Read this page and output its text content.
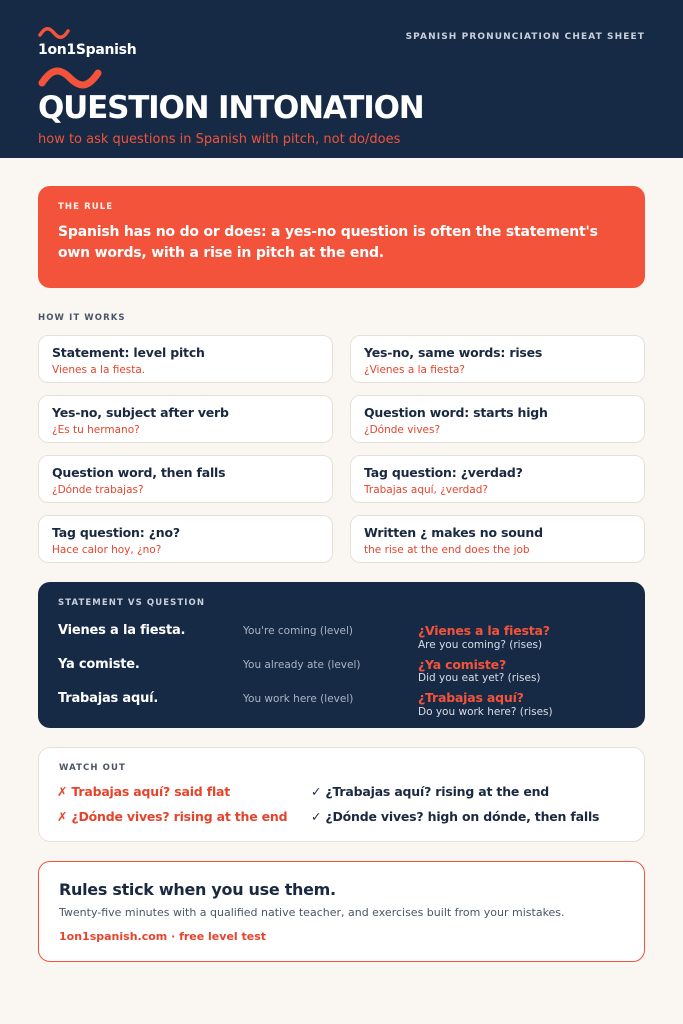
1on1Spanish
SPANISH PRONUNCIATION CHEAT SHEET
QUESTION INTONATION
how to ask questions in Spanish with pitch, not do/does
THE RULE
Spanish has no do or does: a yes-no question is often the statement's own words, with a rise in pitch at the end.
HOW IT WORKS
Statement: level pitch
Vienes a la fiesta.
Yes-no, same words: rises
¿Vienes a la fiesta?
Yes-no, subject after verb
¿Es tu hermano?
Question word: starts high
¿Dónde vives?
Question word, then falls
¿Dónde trabajas?
Tag question: ¿verdad?
Trabajas aquí, ¿verdad?
Tag question: ¿no?
Hace calor hoy, ¿no?
Written ¿ makes no sound
the rise at the end does the job
STATEMENT VS QUESTION
Vienes a la fiesta.	You're coming (level)	¿Vienes a la fiesta?
Are you coming? (rises)
Ya comiste.	You already ate (level)	¿Ya comiste?
Did you eat yet? (rises)
Trabajas aquí.	You work here (level)	¿Trabajas aquí?
Do you work here? (rises)
WATCH OUT
✗ Trabajas aquí? said flat	✓ ¿Trabajas aquí? rising at the end
✗ ¿Dónde vives? rising at the end ✓ ¿Dónde vives? high on dónde, then falls
Rules stick when you use them.
Twenty-five minutes with a qualified native teacher, and exercises built from your mistakes.
1on1spanish.com · free level test
